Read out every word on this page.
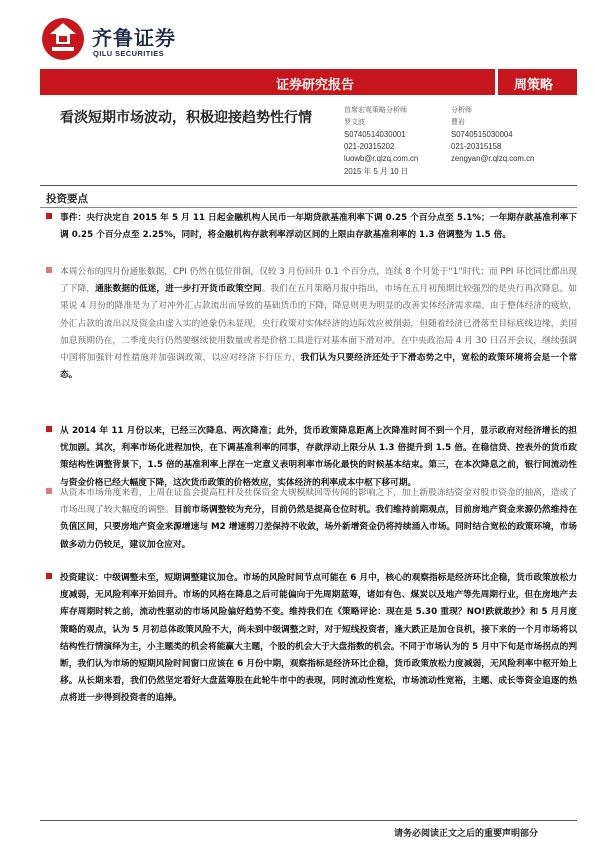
齐鲁证券
QILU SECURITIES
证券研究报告	周策略
看淡短期市场波动，积极迎接趋势性行情	首席宏观策略分析师
罗文波
S0740514030001
021-20315202
luowb@r.qlzq.com.cn
分析师
曹岩
S0740515030004
021-20315158
zengyan@r.qlzq.com.cn
2015 年 5 月 10 日
投资要点
事件：央行决定自 2015 年 5 月 11 日起金融机构人民币一年期贷款基准利率下调 0.25 个百分点至 5.1%；一年期存款基准利率下调 0.25 个百分点至 2.25%，同时，将金融机构存款利率浮动区间的上限由存款基准利率的 1.3 倍调整为 1.5 倍。
本周公布的四月份通胀数据，CPI 仍然在低位徘徊，仅较 3 月份回升 0.1 个百分点，连续 8 个月处于“1”时代；而 PPI 环比同比都出现了下降，通胀数据的低迷，进一步打开货币政策空间。我们在五月策略月报中指出，市场在五月初预期比较强烈的是央行再次降息。如果说 4 月份的降准是为了对冲外汇占款流出而导致的基础货币的下降，降息则更为明显的改善实体经济需求端。由于整体经济的疲软，外汇占款的流出以及资金由虚入实的迹象仍未显现，央行政策对实体经济的边际效应被削弱，但随着经济已滑落至目标底线边缘，美国加息预期仍在，二季度央行仍然要继续使用数量或者是价格工具进行对基本面下滑对冲。在中央政治局 4 月 30 日召开会议，继续强调中国将加强针对性措施并加强调政策，以应对经济下行压力，我们认为只要经济还处于下滑态势之中，宽松的政策环境将会是一个常态。
从 2014 年 11 月份以来，已经三次降息、两次降准；此外，货币政策降息距离上次降准时间不到一个月，显示政府对经济增长的担忧加剧。其次，利率市场化进程加快，在下调基准利率的同事，存款浮动上限分从 1.3 倍提升到 1.5 倍。在稳信贷、控表外的货币政策结构性调整背景下，1.5 倍的基准利率上浮在一定意义表明利率市场化最快的时候基本结束。第三，在本次降息之前，银行间流动性与资金价格已经大幅度下降，这次货币政策的价格效应，实体经济的利率成本中枢下移可期。
从资本市场角度来看，上周在证监会提高杠杆及社保资金大规模赎回等传闻的影响之下，加上新股冻结资金对股市资金的抽离，造成了市场出现了较大幅度的调整。目前市场调整较为充分，目前仍然是提高仓位时机。我们维持前期观点，目前房地产资金来源仍然维持在负值区间，只要房地产资金来源增速与 M2 增速剪刀差保持不收敛，场外新增资金仍将持续涌入市场。同时结合宽松的政策环境，市场做多动力仍较足，建议加仓应对。
投资建议：中级调整未至，短期调整建议加仓。市场的风险时间节点可能在 6 月中，核心的观察指标是经济环比企稳，货币政策放松力度减弱，无风险利率开始回升。市场的风格在降息之后可能偏向于先周期蓝筹，诸如有色、煤炭以及地产等先周期行业，但在房地产去库存周期时转之前，流动性驱动的市场风险偏好趋势不变。维持我们在《策略评论：现在是 5.30 重现？NO!跌就敢抄》和 5 月月度策略的观点，认为 5 月初总体政策风险不大，尚未到中级调整之时，对于短线投资者，逢大跌正是加仓良机，接下来的一个月市场将以结构性行情演绎为主，小主题类的机会将能赢大主题，个股的机会大于大盘指数的机会。不同于市场认为的 5 月中下旬是市场拐点的判断，我们认为市场的短期风险时间窗口应该在 6 月份中期，观察指标是经济环比企稳，货币政策放松力度减弱，无风险利率中枢开始上移。从长期来看，我们仍然坚定看好大盘蓝筹股在此轮牛市中的表现，同时流动性宽松，市场流动性宽裕，主题、成长等资金追逐的热点将进一步得到投资者的追捧。
请务必阅读正文之后的重要声明部分
